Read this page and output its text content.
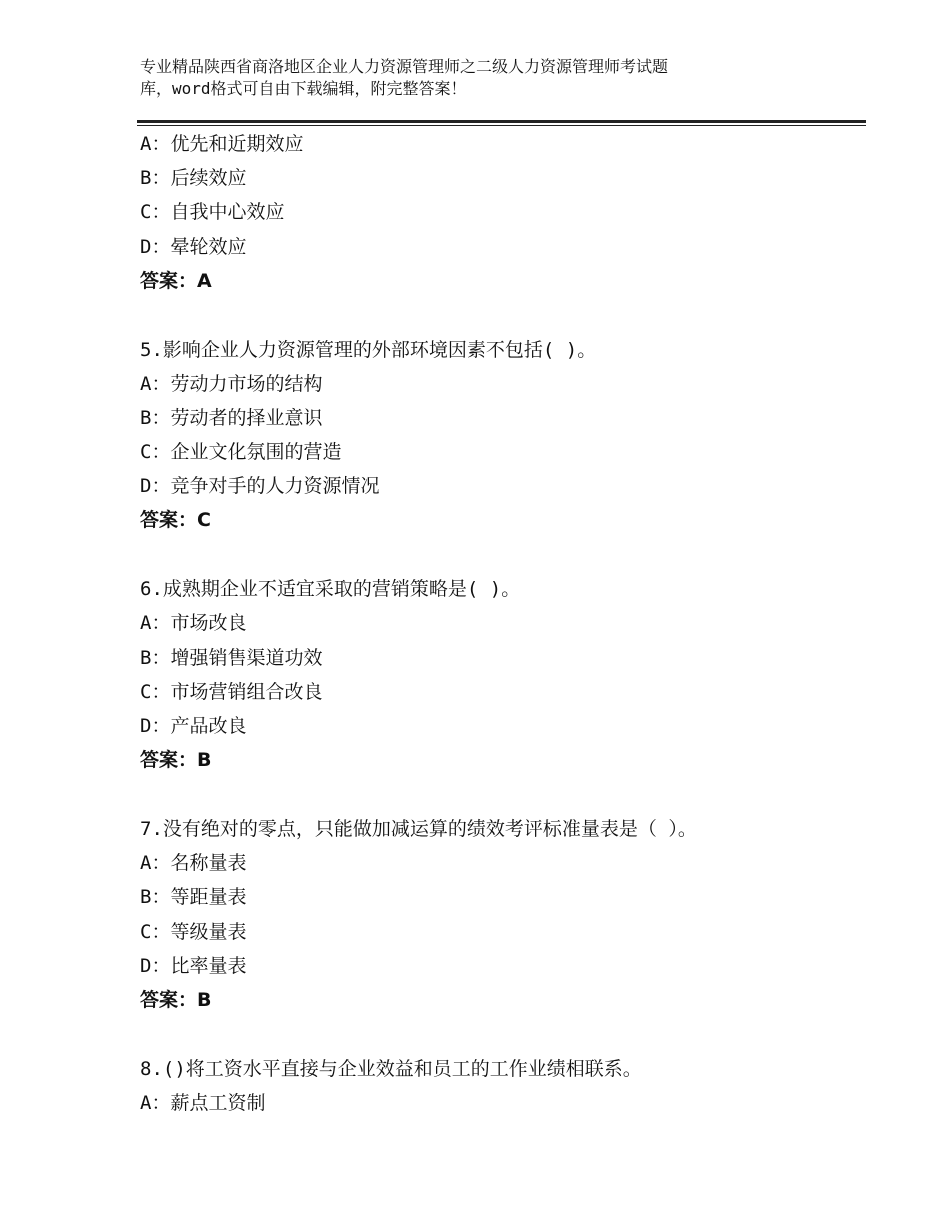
专业精品陕西省商洛地区企业人力资源管理师之二级人力资源管理师考试题
库，word格式可自由下载编辑，附完整答案！
A：优先和近期效应
B：后续效应
C：自我中心效应
D：晕轮效应
答案：A
5.影响企业人力资源管理的外部环境因素不包括( )。
A：劳动力市场的结构
B：劳动者的择业意识
C：企业文化氛围的营造
D：竞争对手的人力资源情况
答案：C
6.成熟期企业不适宜采取的营销策略是( )。
A：市场改良
B：增强销售渠道功效
C：市场营销组合改良
D：产品改良
答案：B
7.没有绝对的零点，只能做加减运算的绩效考评标准量表是（ ）。
A：名称量表
B：等距量表
C：等级量表
D：比率量表
答案：B
8.()将工资水平直接与企业效益和员工的工作业绩相联系。
A：薪点工资制
